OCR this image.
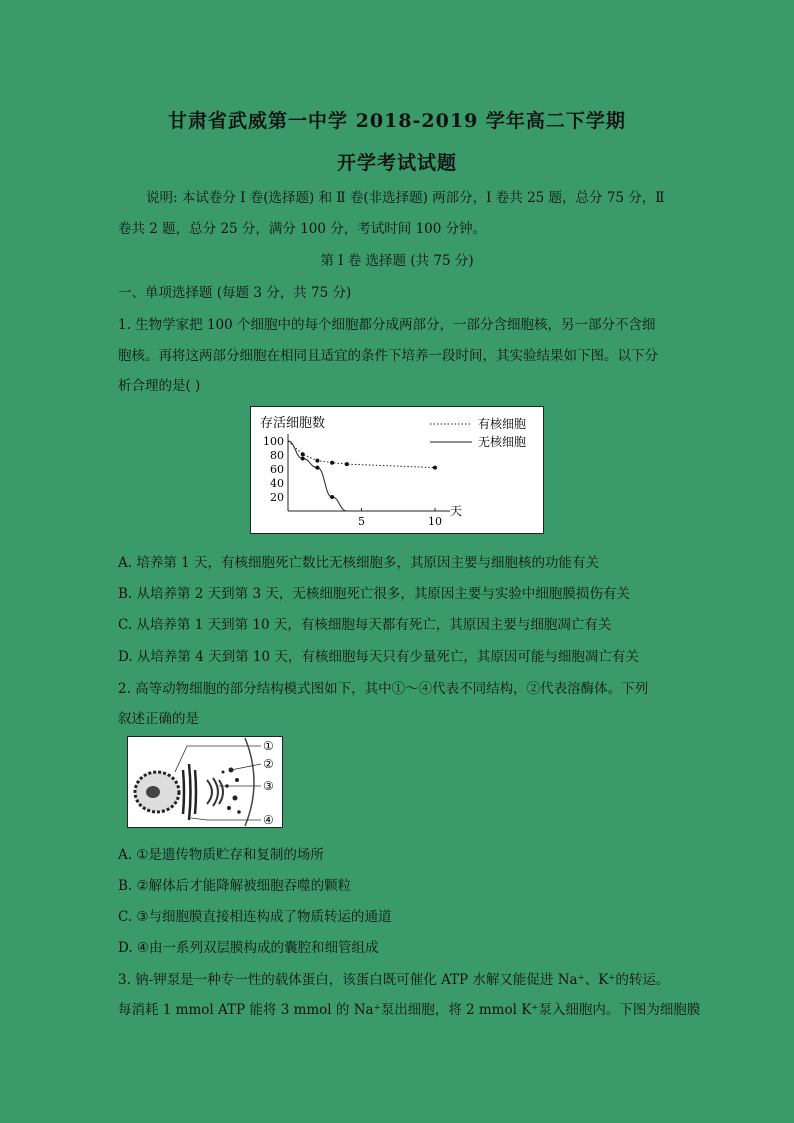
甘肃省武威第一中学 2018-2019 学年高二下学期
开学考试试题
说明: 本试卷分 Ⅰ 卷(选择题) 和 Ⅱ 卷(非选择题) 两部分，Ⅰ 卷共 25 题，总分 75 分，Ⅱ
卷共 2 题，总分 25 分，满分 100 分，考试时间 100 分钟。
第 Ⅰ 卷 选择题 (共 75 分)
一、单项选择题 (每题 3 分，共 75 分)
1. 生物学家把 100 个细胞中的每个细胞都分成两部分，一部分含细胞核，另一部分不含细
胞核。再将这两部分细胞在相同且适宜的条件下培养一段时间，其实验结果如下图。以下分
析合理的是( )
存活细胞数
天
100
80
60
40
20
5	10
有核细胞
无核细胞
A. 培养第 1 天，有核细胞死亡数比无核细胞多，其原因主要与细胞核的功能有关
B. 从培养第 2 天到第 3 天，无核细胞死亡很多，其原因主要与实验中细胞膜损伤有关
C. 从培养第 1 天到第 10 天，有核细胞每天都有死亡，其原因主要与细胞凋亡有关
D. 从培养第 4 天到第 10 天，有核细胞每天只有少量死亡，其原因可能与细胞凋亡有关
2. 高等动物细胞的部分结构模式图如下，其中①～④代表不同结构，②代表溶酶体。下列
叙述正确的是
①
②
③
④
A. ①是遗传物质贮存和复制的场所
B. ②解体后才能降解被细胞吞噬的颗粒
C. ③与细胞膜直接相连构成了物质转运的通道
D. ④由一系列双层膜构成的囊腔和细管组成
3. 钠-钾泵是一种专一性的载体蛋白，该蛋白既可催化 ATP 水解又能促进 Na⁺、K⁺的转运。
每消耗 1 mmol ATP 能将 3 mmol 的 Na⁺泵出细胞，将 2 mmol K⁺泵入细胞内。下图为细胞膜
